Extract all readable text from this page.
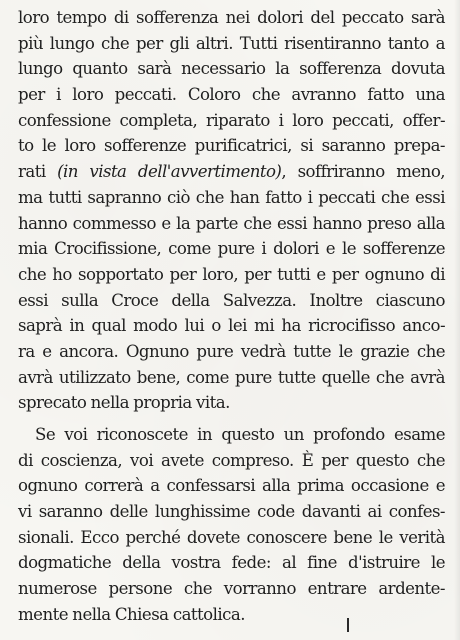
loro tempo di sofferenza nei dolori del peccato sarà
più lungo che per gli altri. Tutti risentiranno tanto a
lungo quanto sarà necessario la sofferenza dovuta
per i loro peccati. Coloro che avranno fatto una
confessione completa, riparato i loro peccati, offer-
to le loro sofferenze purificatrici, si saranno prepa-
rati (in vista dell'avvertimento), soffriranno meno,
ma tutti sapranno ciò che han fatto i peccati che essi
hanno commesso e la parte che essi hanno preso alla
mia Crocifissione, come pure i dolori e le sofferenze
che ho sopportato per loro, per tutti e per ognuno di
essi sulla Croce della Salvezza. Inoltre ciascuno
saprà in qual modo lui o lei mi ha ricrocifisso anco-
ra e ancora. Ognuno pure vedrà tutte le grazie che
avrà utilizzato bene, come pure tutte quelle che avrà
sprecato nella propria vita.
Se voi riconoscete in questo un profondo esame
di coscienza, voi avete compreso. È per questo che
ognuno correrà a confessarsi alla prima occasione e
vi saranno delle lunghissime code davanti ai confes-
sionali. Ecco perché dovete conoscere bene le verità
dogmatiche della vostra fede: al fine d'istruire le
numerose persone che vorranno entrare ardente-
mente nella Chiesa cattolica.
